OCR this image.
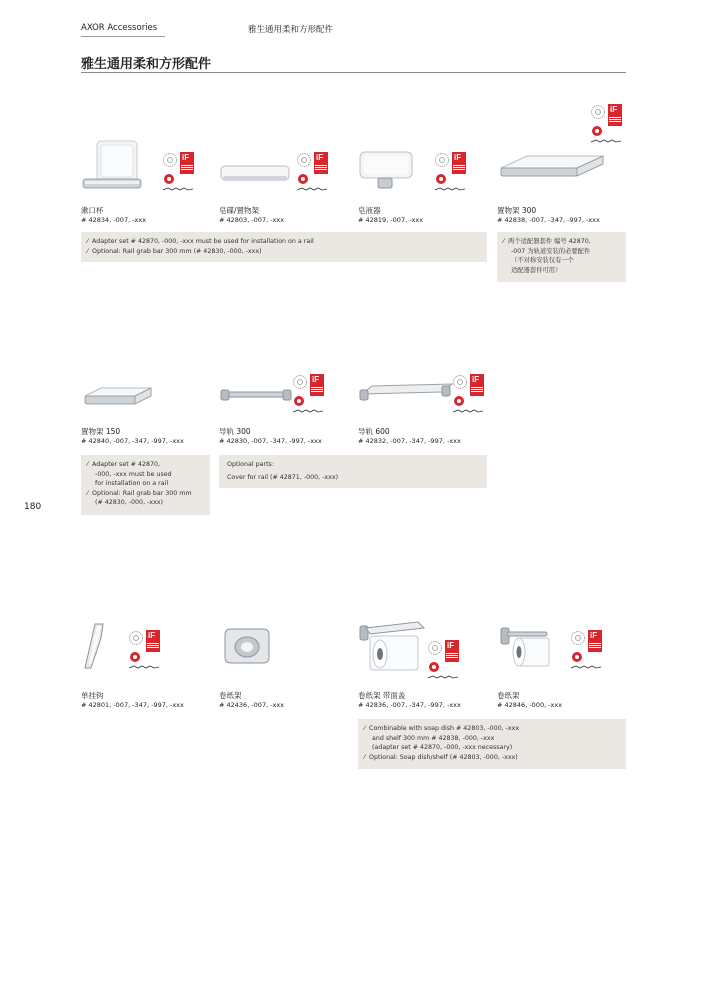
AXOR Accessories	雅生通用柔和方形配件
雅生通用柔和方形配件
180
iF
漱口杯
# 42834, -007, -xxx
iF
皂碟/置物架
# 42803, -007, -xxx
iF
皂液器
# 42819, -007, -xxx
iF
置物架 300
# 42838, -007, -347, -997, -xxx
⁄  Adapter set # 42870, -000, -xxx must be used for installation on a rail
⁄  Optional: Rail grab bar 300 mm (# 42830, -000, -xxx)
⁄  两个适配器套件 编号 42870,
-007 为轨道安装的必要配件
（不对称安装仅有一个
适配器套件可用）
置物架 150
# 42840, -007, -347, -997, -xxx
iF
导轨 300
# 42830, -007, -347, -997, -xxx
iF
导轨 600
# 42832, -007, -347, -997, -xxx
⁄  Adapter set # 42870,
-000, -xxx must be used
for installation on a rail
⁄  Optional: Rail grab bar 300 mm
(# 42830, -000, -xxx)
Optional parts:
Cover for rail (# 42871, -000, -xxx)
iF
单挂钩
# 42801, -007, -347, -997, -xxx
卷纸架
# 42436, -007, -xxx
iF
卷纸架 带面盖
# 42836, -007, -347, -997, -xxx
iF
卷纸架
# 42846, -000, -xxx
⁄  Combinable with soap dish # 42803, -000, -xxx
and shelf 300 mm # 42838, -000, -xxx
(adapter set # 42870, -000, -xxx necessary)
⁄  Optional: Soap dish/shelf (# 42803, -000, -xxx)
